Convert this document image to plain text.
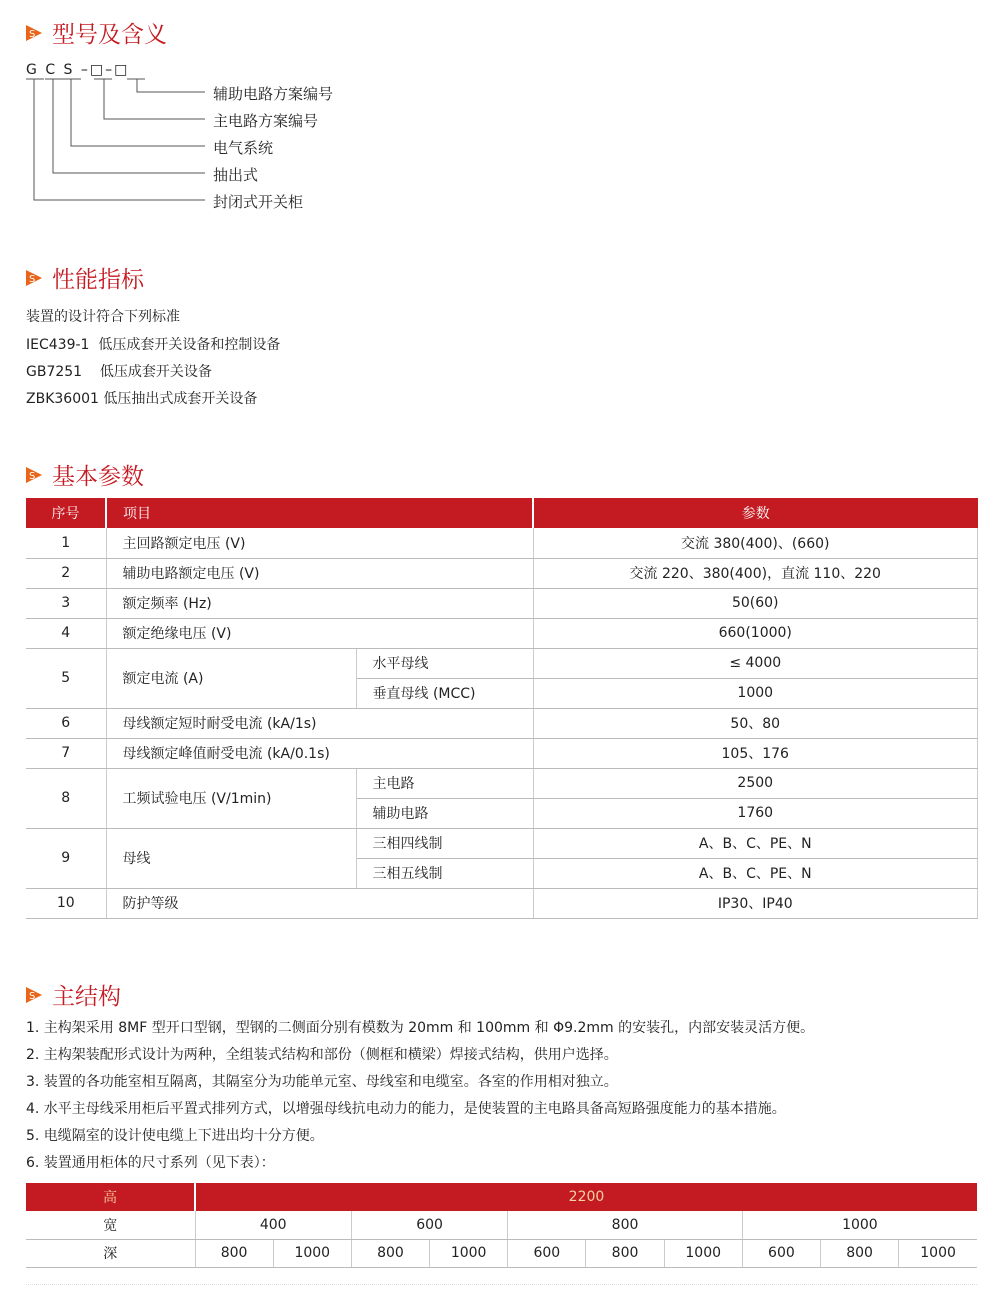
S 型号及含义
G C S –□–□
辅助电路方案编号
主电路方案编号
电气系统
抽出式
封闭式开关柜
S 性能指标
装置的设计符合下列标准
IEC439-1  低压成套开关设备和控制设备
GB7251    低压成套开关设备
ZBK36001 低压抽出式成套开关设备
S 基本参数
序号	项目		参数
1	主回路额定电压 (V)		交流 380(400)、(660)
2	辅助电路额定电压 (V)		交流 220、380(400)，直流 110、220
3	额定频率 (Hz)		50(60)
4	额定绝缘电压 (V)		660(1000)
5	额定电流 (A)	水平母线	≤ 4000
		垂直母线 (MCC)	1000
6	母线额定短时耐受电流 (kA/1s)		50、80
7	母线额定峰值耐受电流 (kA/0.1s)		105、176
8	工频试验电压 (V/1min)	主电路	2500
		辅助电路	1760
9	母线	三相四线制	A、B、C、PE、N
		三相五线制	A、B、C、PE、N
10	防护等级		IP30、IP40
S 主结构
1. 主构架采用 8MF 型开口型钢，型钢的二侧面分别有模数为 20mm 和 100mm 和 Φ9.2mm 的安装孔，内部安装灵活方便。
2. 主构架装配形式设计为两种，全组装式结构和部份（侧框和横梁）焊接式结构，供用户选择。
3. 装置的各功能室相互隔离，其隔室分为功能单元室、母线室和电缆室。各室的作用相对独立。
4. 水平主母线采用柜后平置式排列方式，以增强母线抗电动力的能力，是使装置的主电路具备高短路强度能力的基本措施。
5. 电缆隔室的设计使电缆上下进出均十分方便。
6. 装置通用柜体的尺寸系列（见下表）：
高	2200									
宽	400		600		800			1000		
深	800	1000	800	1000	600	800	1000	600	800	1000
